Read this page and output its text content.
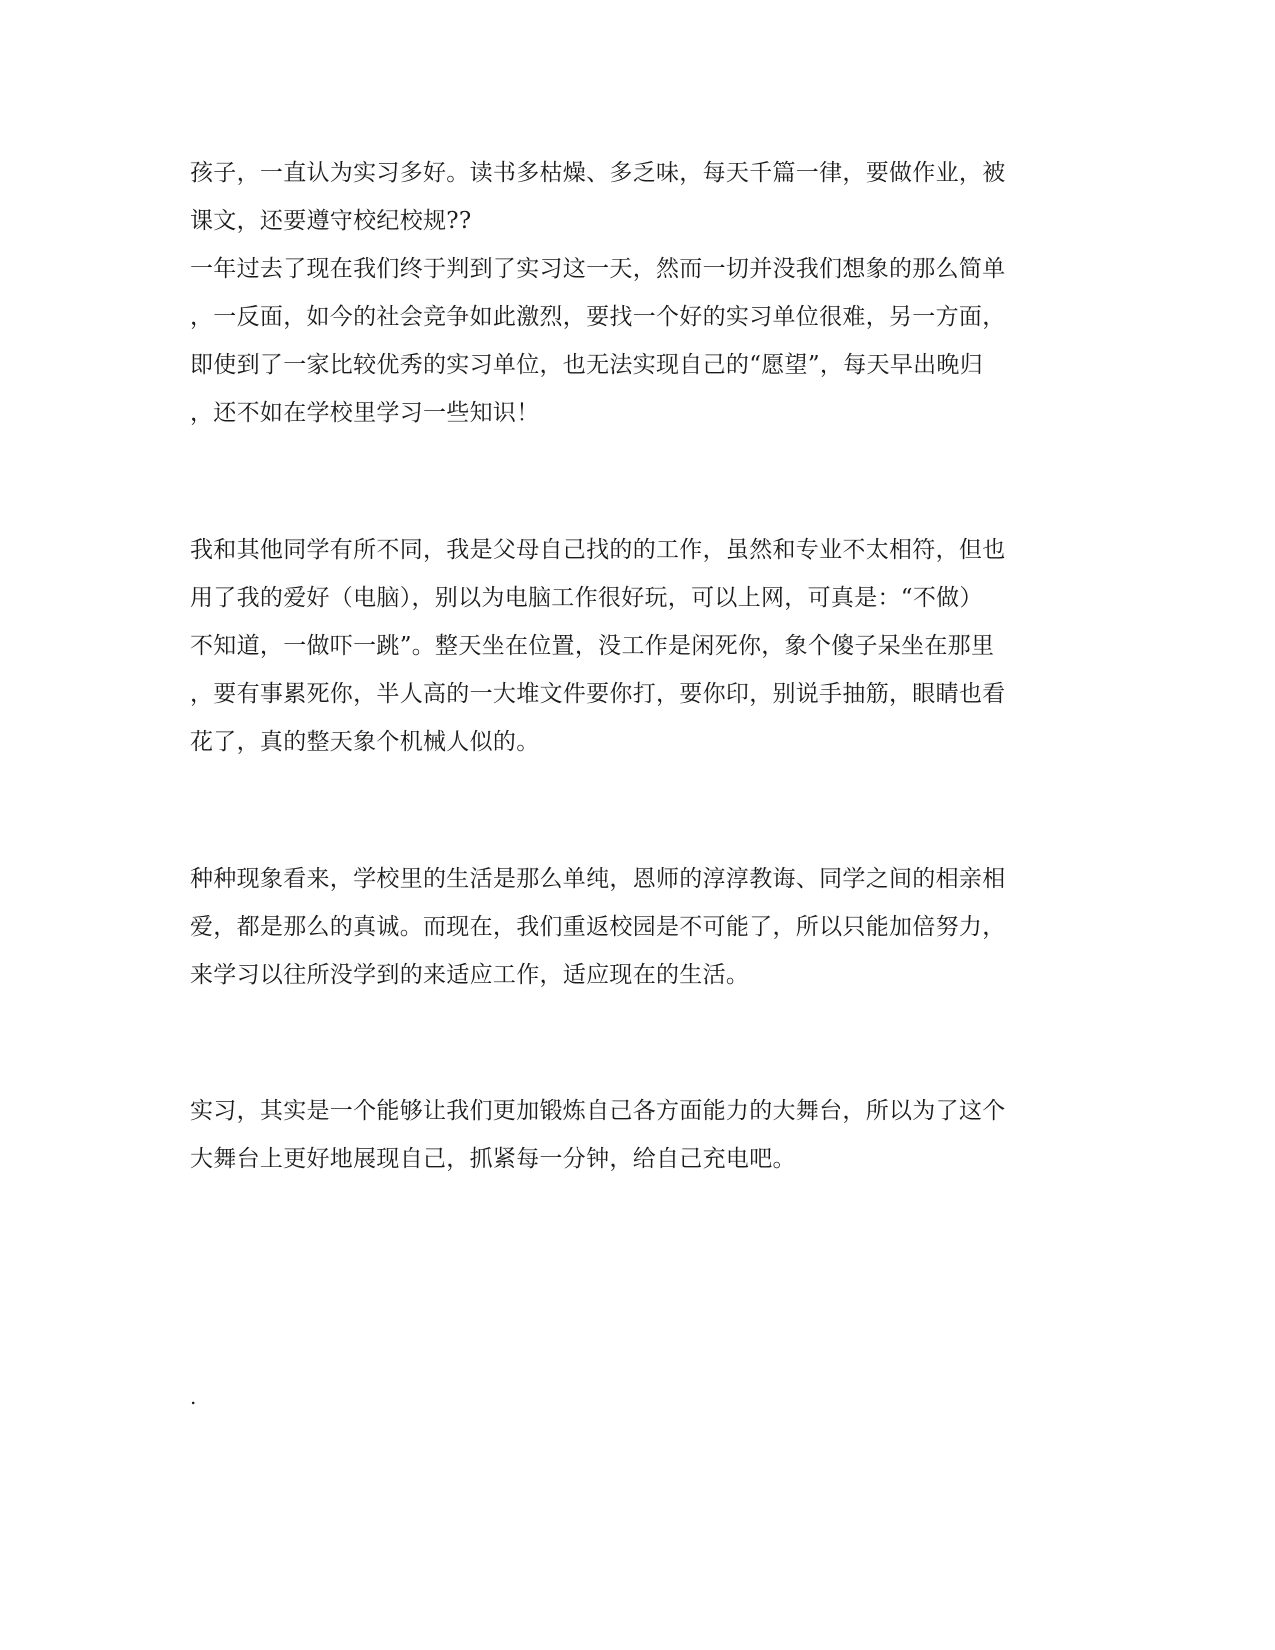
孩子，一直认为实习多好。读书多枯燥、多乏味，每天千篇一律，要做作业，被
课文，还要遵守校纪校规??
一年过去了现在我们终于判到了实习这一天，然而一切并没我们想象的那么简单
，一反面，如今的社会竞争如此激烈，要找一个好的实习单位很难，另一方面，
即使到了一家比较优秀的实习单位，也无法实现自己的“愿望”，每天早出晚归
，还不如在学校里学习一些知识！
我和其他同学有所不同，我是父母自己找的的工作，虽然和专业不太相符，但也
用了我的爱好（电脑），别以为电脑工作很好玩，可以上网，可真是：“不做）
不知道，一做吓一跳”。整天坐在位置，没工作是闲死你，象个傻子呆坐在那里
，要有事累死你，半人高的一大堆文件要你打，要你印，别说手抽筋，眼睛也看
花了，真的整天象个机械人似的。
种种现象看来，学校里的生活是那么单纯，恩师的淳淳教诲、同学之间的相亲相
爱，都是那么的真诚。而现在，我们重返校园是不可能了，所以只能加倍努力，
来学习以往所没学到的来适应工作，适应现在的生活。
实习，其实是一个能够让我们更加锻炼自己各方面能力的大舞台，所以为了这个
大舞台上更好地展现自己，抓紧每一分钟，给自己充电吧。
.
